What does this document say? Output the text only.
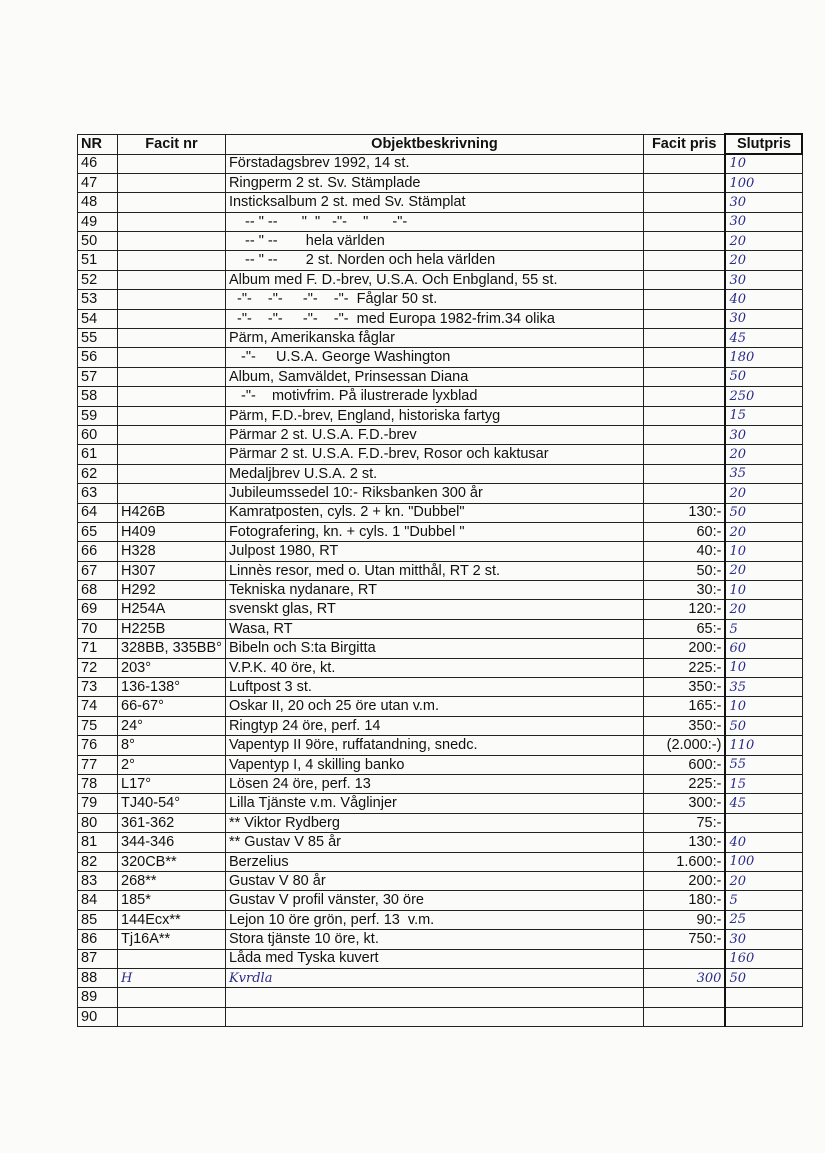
NR	Facit nr	Objektbeskrivning	Facit pris	Slutpris
46		Förstadagsbrev 1992, 14 st.		10
47		Ringperm 2 st. Sv. Stämplade		100
48		Insticksalbum 2 st. med Sv. Stämplat		30
49		-- " --      "  "   -"-    "      -"-		30
50		-- " --       hela världen		20
51		-- " --       2 st. Norden och hela världen		20
52		Album med F. D.-brev, U.S.A. Och Enbgland, 55 st.		30
53		-"-    -"-     -"-    -"-  Fåglar 50 st.		40
54		-"-    -"-     -"-    -"-  med Europa 1982-frim.34 olika		30
55		Pärm, Amerikanska fåglar		45
56		-"-     U.S.A. George Washington		180
57		Album, Samväldet, Prinsessan Diana		50
58		-"-    motivfrim. På ilustrerade lyxblad		250
59		Pärm, F.D.-brev, England, historiska fartyg		15
60		Pärmar 2 st. U.S.A. F.D.-brev		30
61		Pärmar 2 st. U.S.A. F.D.-brev, Rosor och kaktusar		20
62		Medaljbrev U.S.A. 2 st.		35
63		Jubileumssedel 10:- Riksbanken 300 år		20
64	H426B	Kamratposten, cyls. 2 + kn. "Dubbel"	130:-	50
65	H409	Fotografering, kn. + cyls. 1 "Dubbel "	60:-	20
66	H328	Julpost 1980, RT	40:-	10
67	H307	Linnès resor, med o. Utan mitthål, RT 2 st.	50:-	20
68	H292	Tekniska nydanare, RT	30:-	10
69	H254A	svenskt glas, RT	120:-	20
70	H225B	Wasa, RT	65:-	5
71	328BB, 335BB°	Bibeln och S:ta Birgitta	200:-	60
72	203°	V.P.K. 40 öre, kt.	225:-	10
73	136-138°	Luftpost 3 st.	350:-	35
74	66-67°	Oskar II, 20 och 25 öre utan v.m.	165:-	10
75	24°	Ringtyp 24 öre, perf. 14	350:-	50
76	8°	Vapentyp II 9öre, ruffatandning, snedc.	(2.000:-)	110
77	2°	Vapentyp I, 4 skilling banko	600:-	55
78	L17°	Lösen 24 öre, perf. 13	225:-	15
79	TJ40-54°	Lilla Tjänste v.m. Våglinjer	300:-	45
80	361-362	** Viktor Rydberg	75:-	
81	344-346	** Gustav V 85 år	130:-	40
82	320CB**	Berzelius	1.600:-	100
83	268**	Gustav V 80 år	200:-	20
84	185*	Gustav V profil vänster, 30 öre	180:-	5
85	144Ecx**	Lejon 10 öre grön, perf. 13  v.m.	90:-	25
86	Tj16A**	Stora tjänste 10 öre, kt.	750:-	30
87		Låda med Tyska kuvert		160
88	H	Kvrdla	300	50
89				
90				
